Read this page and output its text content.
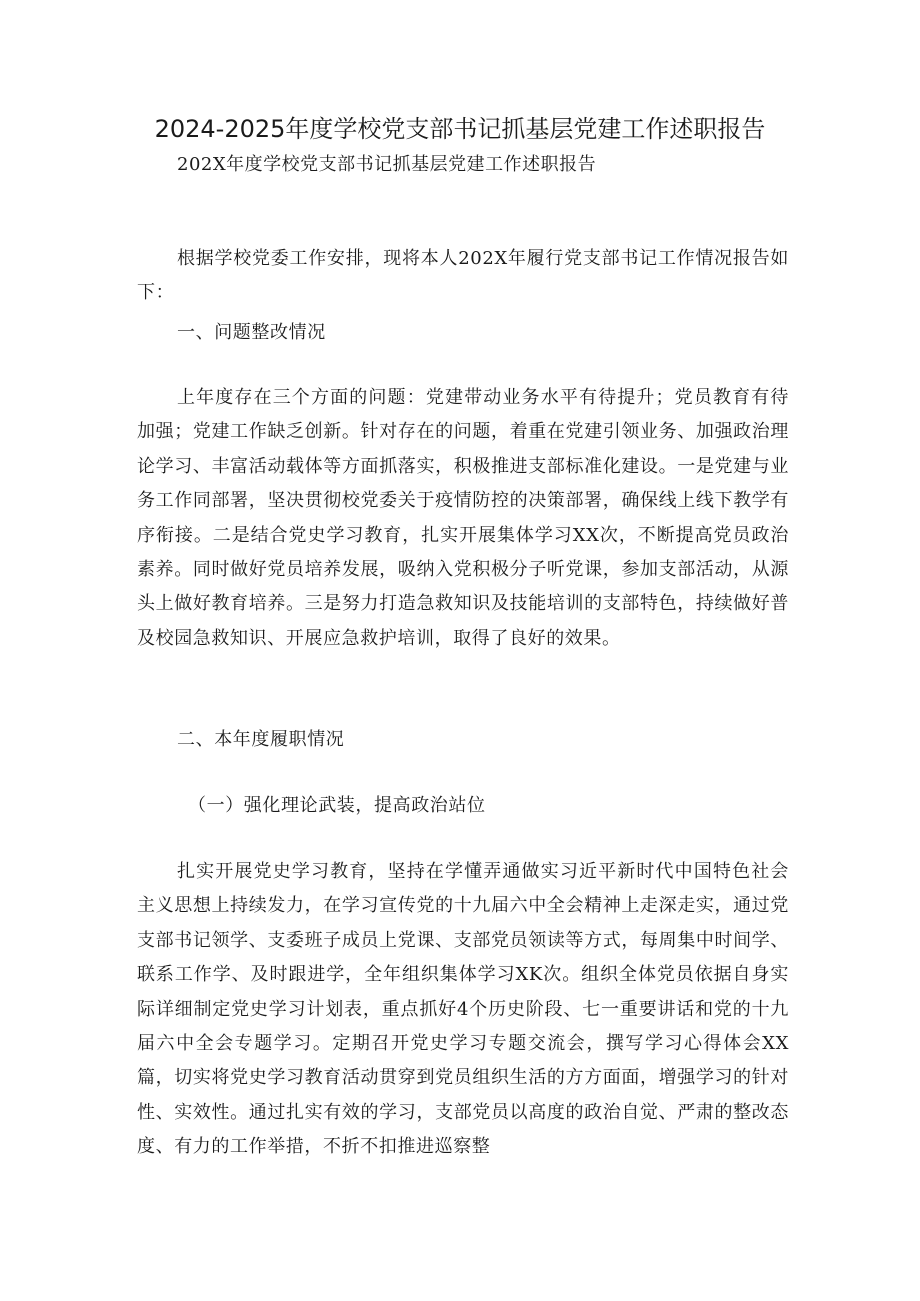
2024-2025年度学校党支部书记抓基层党建工作述职报告

202X年度学校党支部书记抓基层党建工作述职报告

根据学校党委工作安排，现将本人202X年履行党支部书记工作情况报告如下：

一、问题整改情况

上年度存在三个方面的问题：党建带动业务水平有待提升；党员教育有待加强；党建工作缺乏创新。针对存在的问题，着重在党建引领业务、加强政治理论学习、丰富活动载体等方面抓落实，积极推进支部标准化建设。一是党建与业务工作同部署，坚决贯彻校党委关于疫情防控的决策部署，确保线上线下教学有序衔接。二是结合党史学习教育，扎实开展集体学习XX次，不断提高党员政治素养。同时做好党员培养发展，吸纳入党积极分子听党课，参加支部活动，从源头上做好教育培养。三是努力打造急救知识及技能培训的支部特色，持续做好普及校园急救知识、开展应急救护培训，取得了良好的效果。

二、本年度履职情况

（一）强化理论武装，提高政治站位

扎实开展党史学习教育，坚持在学懂弄通做实习近平新时代中国特色社会主义思想上持续发力，在学习宣传党的十九届六中全会精神上走深走实，通过党支部书记领学、支委班子成员上党课、支部党员领读等方式，每周集中时间学、联系工作学、及时跟进学，全年组织集体学习XK次。组织全体党员依据自身实际详细制定党史学习计划表，重点抓好4个历史阶段、七一重要讲话和党的十九届六中全会专题学习。定期召开党史学习专题交流会，撰写学习心得体会XX篇，切实将党史学习教育活动贯穿到党员组织生活的方方面面，增强学习的针对性、实效性。通过扎实有效的学习，支部党员以高度的政治自觉、严肃的整改态度、有力的工作举措，不折不扣推进巡察整
